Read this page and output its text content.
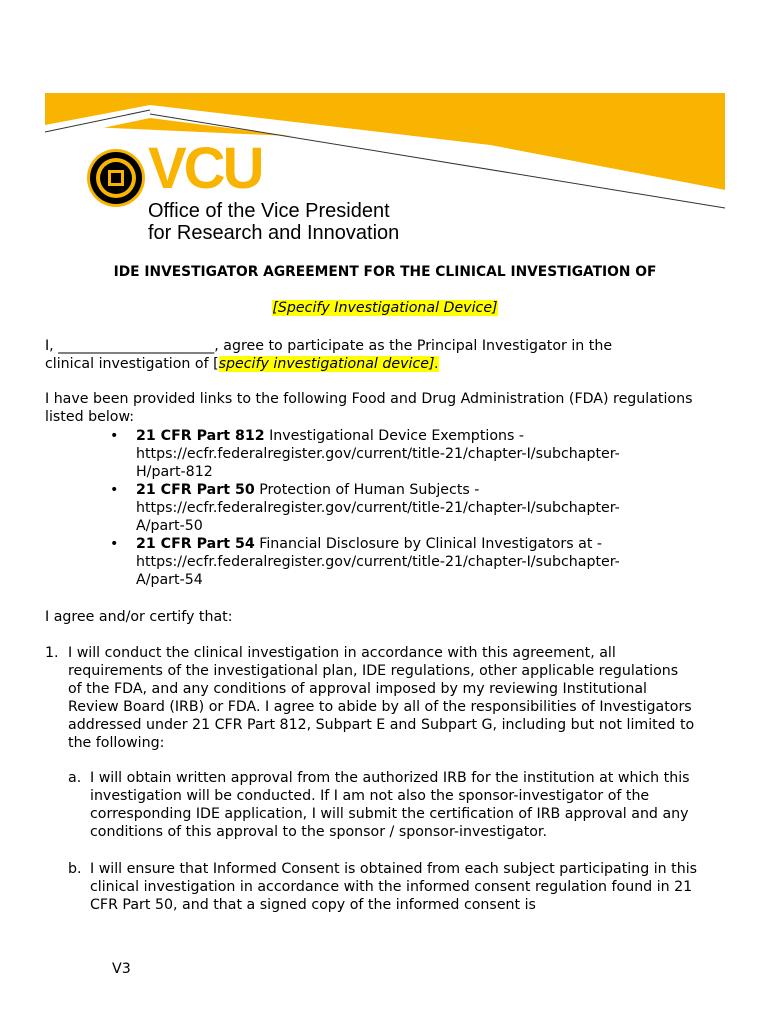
VCU
Office of the Vice President
for Research and Innovation
IDE INVESTIGATOR AGREEMENT FOR THE CLINICAL INVESTIGATION OF
[Specify Investigational Device]
I, ______________________, agree to participate as the Principal Investigator in the
clinical investigation of [specify investigational device].
I have been provided links to the following Food and Drug Administration (FDA) regulations listed below:
• 21 CFR Part 812 Investigational Device Exemptions -
https://ecfr.federalregister.gov/current/title-21/chapter-I/subchapter-
H/part-812
• 21 CFR Part 50 Protection of Human Subjects -
https://ecfr.federalregister.gov/current/title-21/chapter-I/subchapter-
A/part-50
• 21 CFR Part 54 Financial Disclosure by Clinical Investigators at -
https://ecfr.federalregister.gov/current/title-21/chapter-I/subchapter-
A/part-54
I agree and/or certify that:
1. I will conduct the clinical investigation in accordance with this agreement, all requirements of the investigational plan, IDE regulations, other applicable regulations of the FDA, and any conditions of approval imposed by my reviewing Institutional Review Board (IRB) or FDA. I agree to abide by all of the responsibilities of Investigators addressed under 21 CFR Part 812, Subpart E and Subpart G, including but not limited to the following:
a. I will obtain written approval from the authorized IRB for the institution at which this investigation will be conducted. If I am not also the sponsor-investigator of the corresponding IDE application, I will submit the certification of IRB approval and any conditions of this approval to the sponsor / sponsor-investigator.
b. I will ensure that Informed Consent is obtained from each subject participating in this clinical investigation in accordance with the informed consent regulation found in 21 CFR Part 50, and that a signed copy of the informed consent is
V3
